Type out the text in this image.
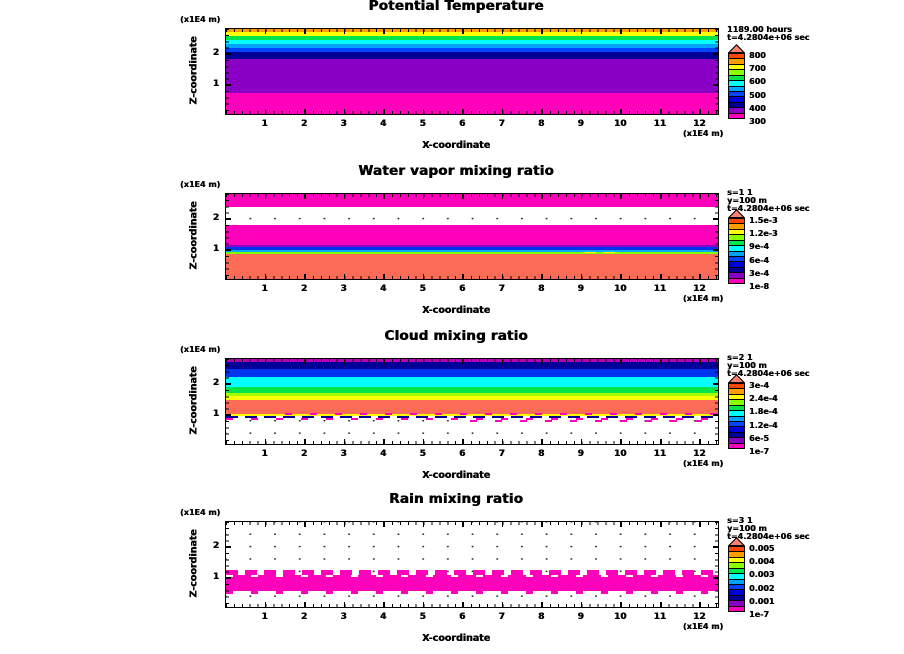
Potential Temperature
(x1E4 m)
Z-coordinate
(x1E4 m)
X-coordinate
800
700
600
500
400
300
1	2	3	4	5	6	7	8	9	10	11	12
1
2
1189.00 hours
t=4.2804e+06 sec
Water vapor mixing ratio
(x1E4 m)
Z-coordinate
(x1E4 m)
X-coordinate
1.5e-3
1.2e-3
9e-4
6e-4
3e-4
1e-8
1	2	3	4	5	6	7	8	9	10	11	12
1
2
s=1 1
y=100 m
t=4.2804e+06 sec
Cloud mixing ratio
(x1E4 m)
Z-coordinate
(x1E4 m)
X-coordinate
3e-4
2.4e-4
1.8e-4
1.2e-4
6e-5
1e-7
1	2	3	4	5	6	7	8	9	10	11	12
1
2
s=2 1
y=100 m
t=4.2804e+06 sec
Rain mixing ratio
(x1E4 m)
Z-coordinate
(x1E4 m)
X-coordinate
0.005
0.004
0.003
0.002
0.001
1e-7
1	2	3	4	5	6	7	8	9	10	11	12
1
2
s=3 1
y=100 m
t=4.2804e+06 sec
